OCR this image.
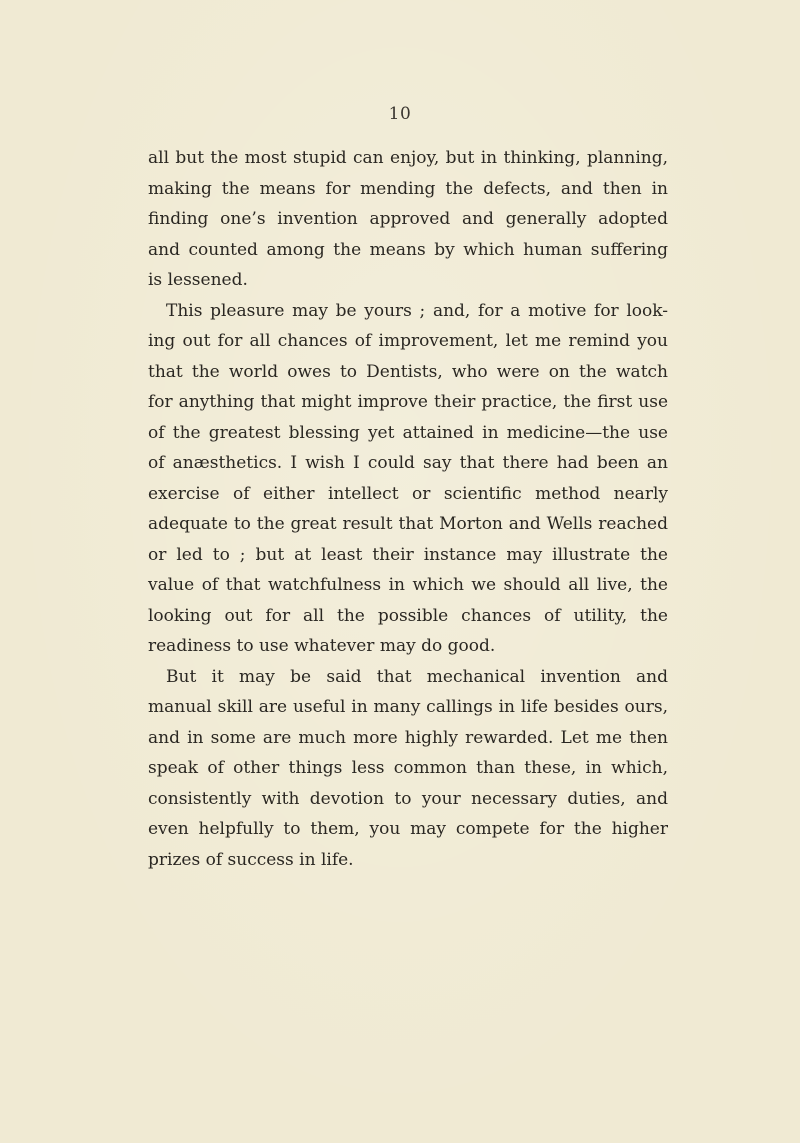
10
all but the most stupid can enjoy, but in thinking, planning,
making the means for mending the defects, and then in
finding one’s invention approved and generally adopted
and counted among the means by which human suffering
is lessened.
This pleasure may be yours ; and, for a motive for look-
ing out for all chances of improvement, let me remind you
that the world owes to Dentists, who were on the watch
for anything that might improve their practice, the first use
of the greatest blessing yet attained in medicine—the use
of anæsthetics. I wish I could say that there had been an
exercise of either intellect or scientific method nearly
adequate to the great result that Morton and Wells reached
or led to ; but at least their instance may illustrate the
value of that watchfulness in which we should all live, the
looking out for all the possible chances of utility, the
readiness to use whatever may do good.
But it may be said that mechanical invention and
manual skill are useful in many callings in life besides ours,
and in some are much more highly rewarded. Let me then
speak of other things less common than these, in which,
consistently with devotion to your necessary duties, and
even helpfully to them, you may compete for the higher
prizes of success in life.
